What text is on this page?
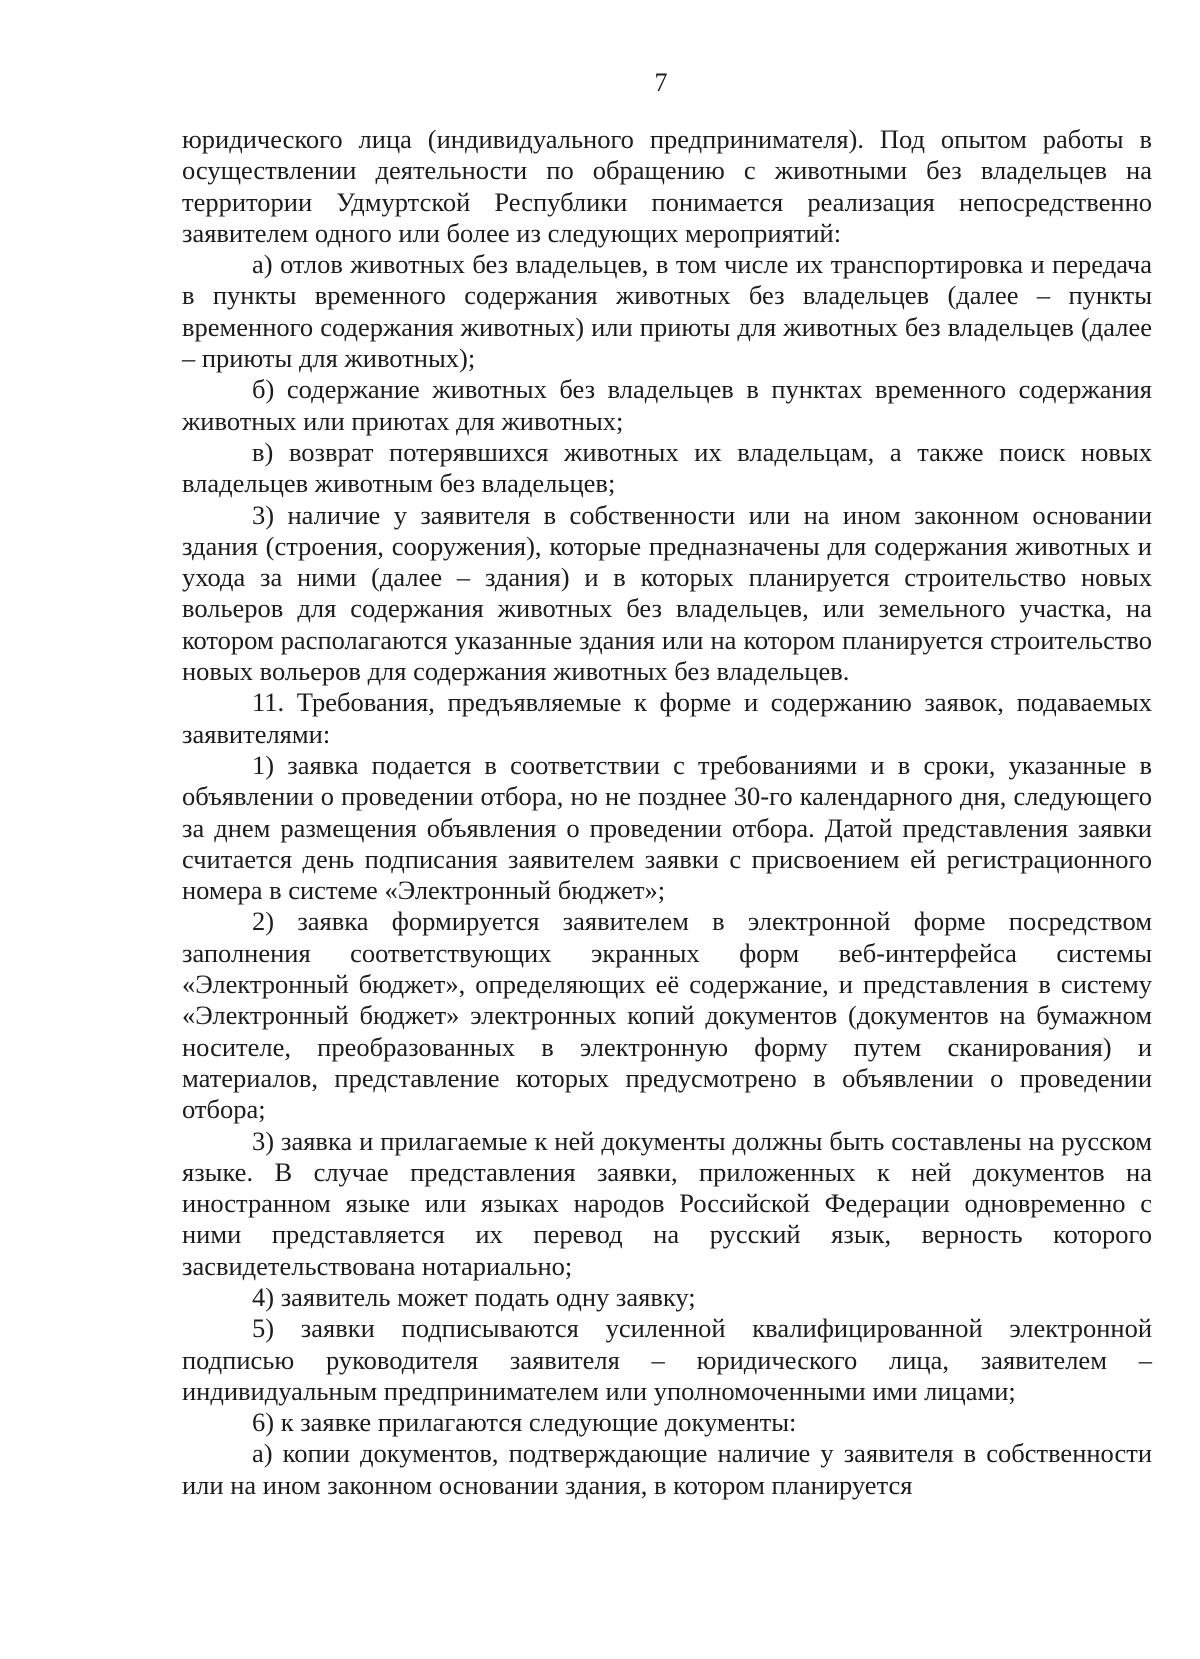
7

юридического лица (индивидуального предпринимателя). Под опытом работы в осуществлении деятельности по обращению с животными без владельцев на территории Удмуртской Республики понимается реализация непосредственно заявителем одного или более из следующих мероприятий:

а) отлов животных без владельцев, в том числе их транспортировка и передача в пункты временного содержания животных без владельцев (далее – пункты временного содержания животных) или приюты для животных без владельцев (далее – приюты для животных);

б) содержание животных без владельцев в пунктах временного содержания животных или приютах для животных;

в) возврат потерявшихся животных их владельцам, а также поиск новых владельцев животным без владельцев;

3) наличие у заявителя в собственности или на ином законном основании здания (строения, сооружения), которые предназначены для содержания животных и ухода за ними (далее – здания) и в которых планируется строительство новых вольеров для содержания животных без владельцев, или земельного участка, на котором располагаются указанные здания или на котором планируется строительство новых вольеров для содержания животных без владельцев.

11. Требования, предъявляемые к форме и содержанию заявок, подаваемых заявителями:

1) заявка подается в соответствии с требованиями и в сроки, указанные в объявлении о проведении отбора, но не позднее 30-го календарного дня, следующего за днем размещения объявления о проведении отбора. Датой представления заявки считается день подписания заявителем заявки с присвоением ей регистрационного номера в системе «Электронный бюджет»;

2) заявка формируется заявителем в электронной форме посредством заполнения соответствующих экранных форм веб-интерфейса системы «Электронный бюджет», определяющих её содержание, и представления в систему «Электронный бюджет» электронных копий документов (документов на бумажном носителе, преобразованных в электронную форму путем сканирования) и материалов, представление которых предусмотрено в объявлении о проведении отбора;

3) заявка и прилагаемые к ней документы должны быть составлены на русском языке. В случае представления заявки, приложенных к ней документов на иностранном языке или языках народов Российской Федерации одновременно с ними представляется их перевод на русский язык, верность которого засвидетельствована нотариально;

4) заявитель может подать одну заявку;

5) заявки подписываются усиленной квалифицированной электронной подписью руководителя заявителя – юридического лица, заявителем – индивидуальным предпринимателем или уполномоченными ими лицами;

6) к заявке прилагаются следующие документы:

а) копии документов, подтверждающие наличие у заявителя в собственности или на ином законном основании здания, в котором планируется
